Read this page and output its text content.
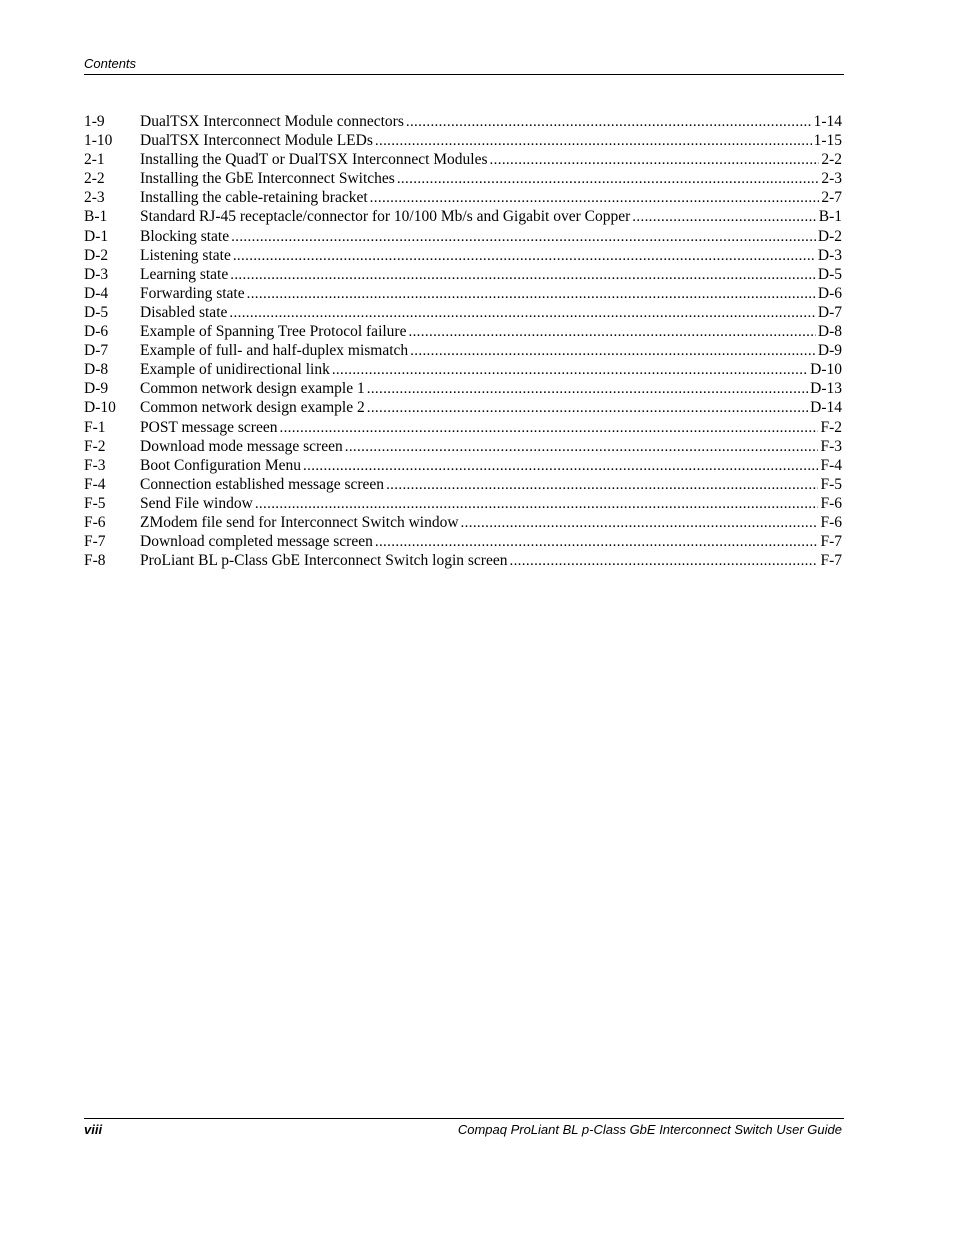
Contents
1-9	DualTSX Interconnect Module connectors .....	1-14
1-10	DualTSX Interconnect Module LEDs .....	1-15
2-1	Installing the QuadT or DualTSX Interconnect Modules .....	2-2
2-2	Installing the GbE Interconnect Switches .....	2-3
2-3	Installing the cable-retaining bracket .....	2-7
B-1	Standard RJ-45 receptacle/connector for 10/100 Mb/s and Gigabit over Copper .....	B-1
D-1	Blocking state .....	D-2
D-2	Listening state .....	D-3
D-3	Learning state .....	D-5
D-4	Forwarding state .....	D-6
D-5	Disabled state .....	D-7
D-6	Example of Spanning Tree Protocol failure .....	D-8
D-7	Example of full- and half-duplex mismatch .....	D-9
D-8	Example of unidirectional link .....	D-10
D-9	Common network design example 1 .....	D-13
D-10	Common network design example 2 .....	D-14
F-1	POST message screen .....	F-2
F-2	Download mode message screen .....	F-3
F-3	Boot Configuration Menu .....	F-4
F-4	Connection established message screen .....	F-5
F-5	Send File window .....	F-6
F-6	ZModem file send for Interconnect Switch window .....	F-6
F-7	Download completed message screen .....	F-7
F-8	ProLiant BL p-Class GbE Interconnect Switch login screen .....	F-7
viii	Compaq ProLiant BL p-Class GbE Interconnect Switch User Guide
